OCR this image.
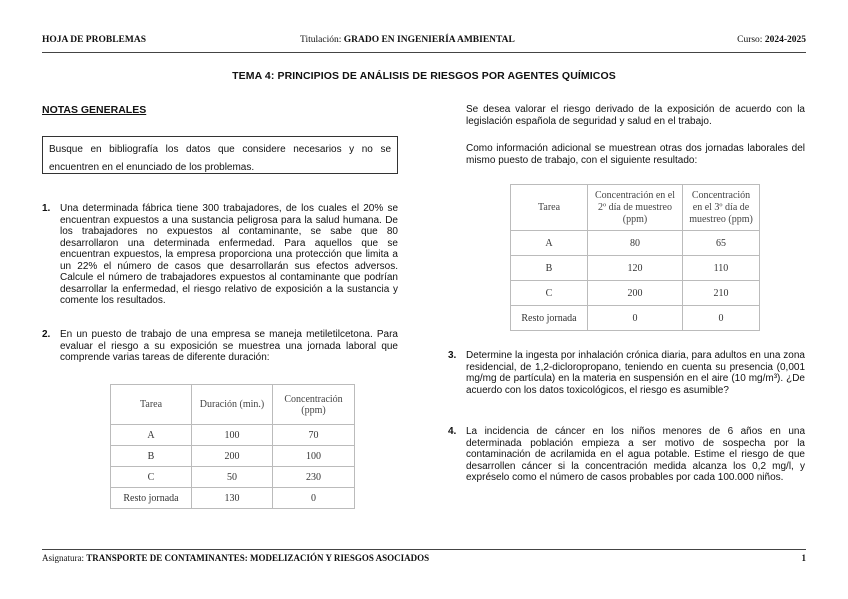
HOJA DE PROBLEMAS	Titulación: GRADO EN INGENIERÍA AMBIENTAL	Curso: 2024-2025
TEMA 4: PRINCIPIOS DE ANÁLISIS DE RIESGOS POR AGENTES QUÍMICOS
NOTAS GENERALES
Busque en bibliografía los datos que considere necesarios y no se encuentren en el enunciado de los problemas.
1. Una determinada fábrica tiene 300 trabajadores, de los cuales el 20% se encuentran expuestos a una sustancia peligrosa para la salud humana. De los trabajadores no expuestos al contaminante, se sabe que 80 desarrollaron una determinada enfermedad. Para aquellos que se encuentran expuestos, la empresa proporciona una protección que limita a un 22% el número de casos que desarrollarán sus efectos adversos. Calcule el número de trabajadores expuestos al contaminante que podrían desarrollar la enfermedad, el riesgo relativo de exposición a la sustancia y comente los resultados.
2. En un puesto de trabajo de una empresa se maneja metiletilcetona. Para evaluar el riesgo a su exposición se muestrea una jornada laboral que comprende varias tareas de diferente duración:
Tarea	Duración (min.)	Concentración (ppm)
A	100	70
B	200	100
C	50	230
Resto jornada	130	0
Se desea valorar el riesgo derivado de la exposición de acuerdo con la legislación española de seguridad y salud en el trabajo.
Como información adicional se muestrean otras dos jornadas laborales del mismo puesto de trabajo, con el siguiente resultado:
Tarea	Concentración en el 2º día de muestreo (ppm)	Concentración en el 3º día de muestreo (ppm)
A	80	65
B	120	110
C	200	210
Resto jornada	0	0
3. Determine la ingesta por inhalación crónica diaria, para adultos en una zona residencial, de 1,2-dicloropropano, teniendo en cuenta su presencia (0,001 mg/mg de partícula) en la materia en suspensión en el aire (10 mg/m³). ¿De acuerdo con los datos toxicológicos, el riesgo es asumible?
4. La incidencia de cáncer en los niños menores de 6 años en una determinada población empieza a ser motivo de sospecha por la contaminación de acrilamida en el agua potable. Estime el riesgo de que desarrollen cáncer si la concentración medida alcanza los 0,2 mg/l, y expréselo como el número de casos probables por cada 100.000 niños.
Asignatura: TRANSPORTE DE CONTAMINANTES: MODELIZACIÓN Y RIESGOS ASOCIADOS	1
